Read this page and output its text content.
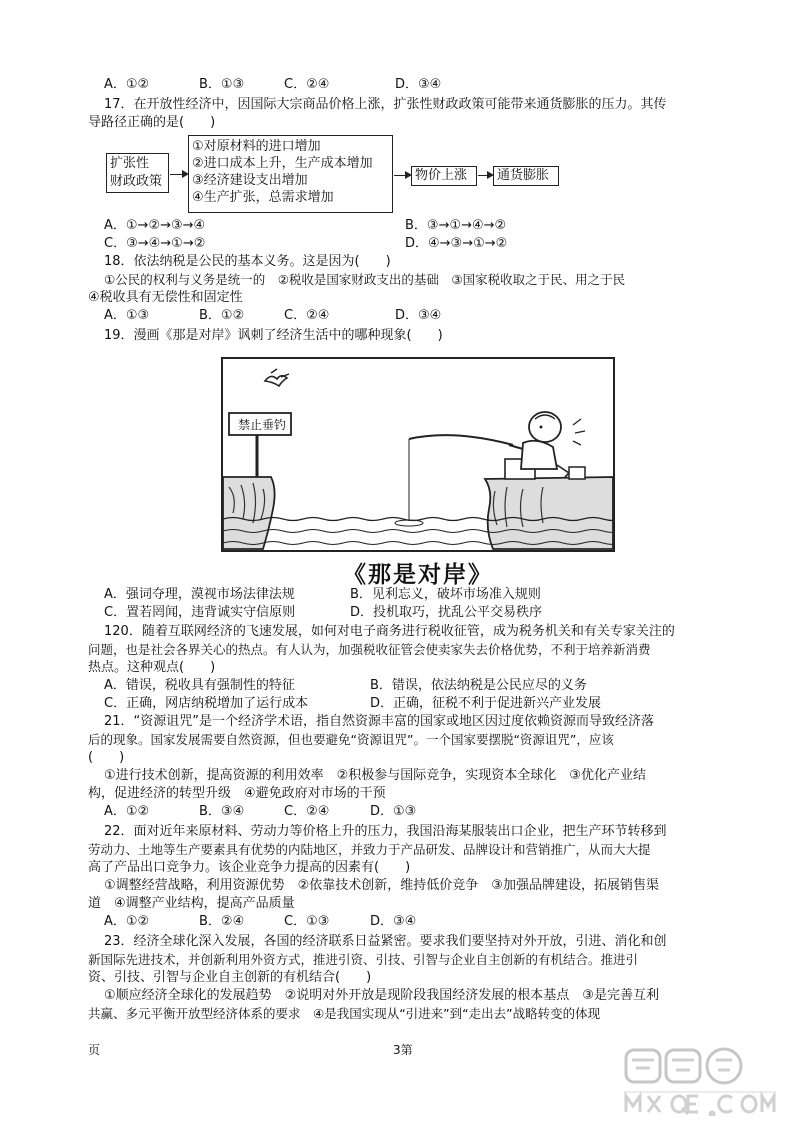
A．①②	B．①③	C．②④	D．③④
17．在开放性经济中，因国际大宗商品价格上涨，扩张性财政政策可能带来通货膨胀的压力。其传
导路径正确的是(　　)
扩张性
财政政策
①对原材料的进口增加
②进口成本上升，生产成本增加
③经济建设支出增加
④生产扩张，总需求增加
物价上涨	通货膨胀
A．①→②→③→④	B．③→①→④→②
C．③→④→①→②	D．④→③→①→②
18．依法纳税是公民的基本义务。这是因为(　　)
①公民的权利与义务是统一的　②税收是国家财政支出的基础　③国家税收取之于民、用之于民
④税收具有无偿性和固定性
A．①③	B．①②	C．②④	D．③④
19．漫画《那是对岸》讽刺了经济生活中的哪种现象(　　)
禁止垂钓
《那是对岸》
A．强词夺理，漠视市场法律法规	B．见利忘义，破坏市场准入规则
C．置若罔闻，违背诚实守信原则	D．投机取巧，扰乱公平交易秩序
120．随着互联网经济的飞速发展，如何对电子商务进行税收征管，成为税务机关和有关专家关注的
问题，也是社会各界关心的热点。有人认为，加强税收征管会使卖家失去价格优势，不利于培养新消费
热点。这种观点(　　)
A．错误，税收具有强制性的特征	B．错误，依法纳税是公民应尽的义务
C．正确，网店纳税增加了运行成本	D．正确，征税不利于促进新兴产业发展
21．“资源诅咒”是一个经济学术语，指自然资源丰富的国家或地区因过度依赖资源而导致经济落
后的现象。国家发展需要自然资源，但也要避免“资源诅咒”。一个国家要摆脱“资源诅咒”，应该
(　　)
①进行技术创新，提高资源的利用效率　②积极参与国际竞争，实现资本全球化　③优化产业结
构，促进经济的转型升级　④避免政府对市场的干预
A．①②	B．③④	C．②④	D．①③
22．面对近年来原材料、劳动力等价格上升的压力，我国沿海某服装出口企业，把生产环节转移到
劳动力、土地等生产要素具有优势的内陆地区，并致力于产品研发、品牌设计和营销推广，从而大大提
高了产品出口竞争力。该企业竞争力提高的因素有(　　)
①调整经营战略，利用资源优势　②依靠技术创新，维持低价竞争　③加强品牌建设，拓展销售渠
道　④调整产业结构，提高产品质量
A．①②	B．②④	C．①③	D．③④
23．经济全球化深入发展，各国的经济联系日益紧密。要求我们要坚持对外开放，引进、消化和创
新国际先进技术，并创新利用外资方式，推进引资、引技、引智与企业自主创新的有机结合。推进引
资、引技、引智与企业自主创新的有机结合(　　)
①顺应经济全球化的发展趋势　②说明对外开放是现阶段我国经济发展的根本基点　③是完善互利
共赢、多元平衡开放型经济体系的要求　④是我国实现从“引进来”到“走出去”战略转变的体现
页	3第
